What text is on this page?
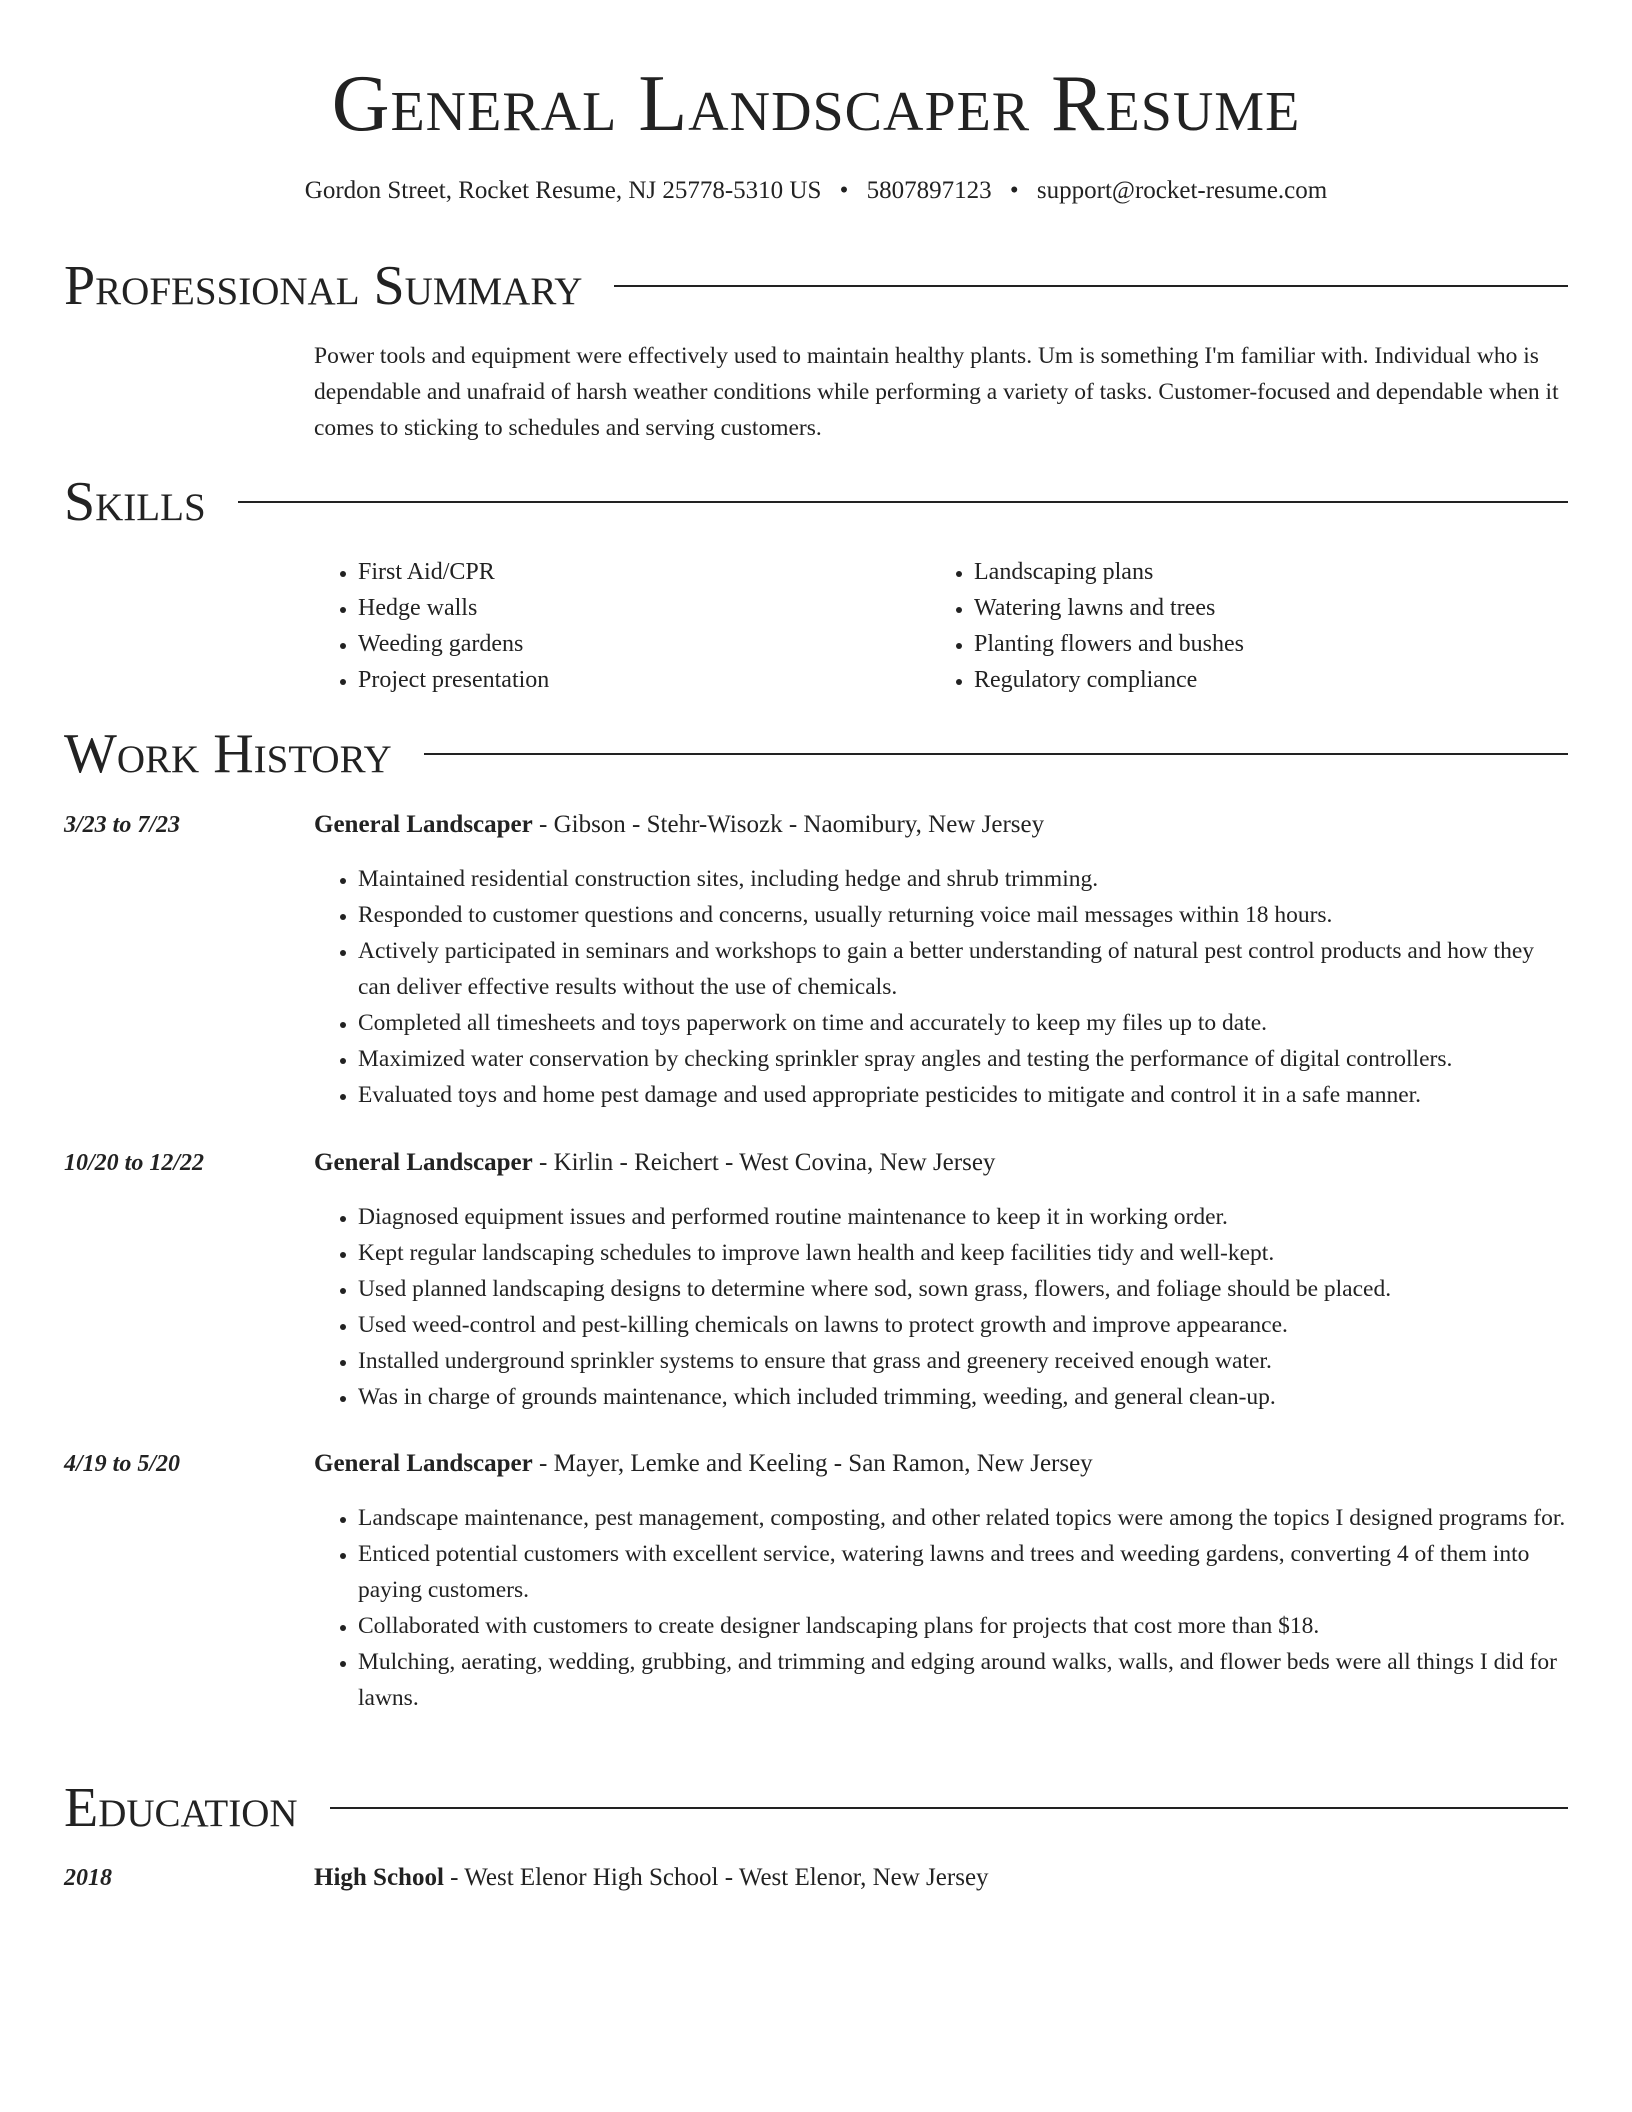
General Landscaper Resume
Gordon Street, Rocket Resume, NJ 25778-5310 US • 5807897123 • support@rocket-resume.com
Professional Summary

Power tools and equipment were effectively used to maintain healthy plants. Um is something I'm familiar with. Individual who is dependable and unafraid of harsh weather conditions while performing a variety of tasks. Customer-focused and dependable when it comes to sticking to schedules and serving customers.

Skills
• First Aid/CPR
• Hedge walls
• Weeding gardens
• Project presentation
• Landscaping plans
• Watering lawns and trees
• Planting flowers and bushes
• Regulatory compliance
Work History
3/23 to 7/23	General Landscaper - Gibson - Stehr-Wisozk - Naomibury, New Jersey
• Maintained residential construction sites, including hedge and shrub trimming.
• Responded to customer questions and concerns, usually returning voice mail messages within 18 hours.
• Actively participated in seminars and workshops to gain a better understanding of natural pest control products and how they can deliver effective results without the use of chemicals.
• Completed all timesheets and toys paperwork on time and accurately to keep my files up to date.
• Maximized water conservation by checking sprinkler spray angles and testing the performance of digital controllers.
• Evaluated toys and home pest damage and used appropriate pesticides to mitigate and control it in a safe manner.
10/20 to 12/22	General Landscaper - Kirlin - Reichert - West Covina, New Jersey
• Diagnosed equipment issues and performed routine maintenance to keep it in working order.
• Kept regular landscaping schedules to improve lawn health and keep facilities tidy and well-kept.
• Used planned landscaping designs to determine where sod, sown grass, flowers, and foliage should be placed.
• Used weed-control and pest-killing chemicals on lawns to protect growth and improve appearance.
• Installed underground sprinkler systems to ensure that grass and greenery received enough water.
• Was in charge of grounds maintenance, which included trimming, weeding, and general clean-up.
4/19 to 5/20	General Landscaper - Mayer, Lemke and Keeling - San Ramon, New Jersey
• Landscape maintenance, pest management, composting, and other related topics were among the topics I designed programs for.
• Enticed potential customers with excellent service, watering lawns and trees and weeding gardens, converting 4 of them into paying customers.
• Collaborated with customers to create designer landscaping plans for projects that cost more than $18.
• Mulching, aerating, wedding, grubbing, and trimming and edging around walks, walls, and flower beds were all things I did for lawns.
Education
2018	High School - West Elenor High School - West Elenor, New Jersey
